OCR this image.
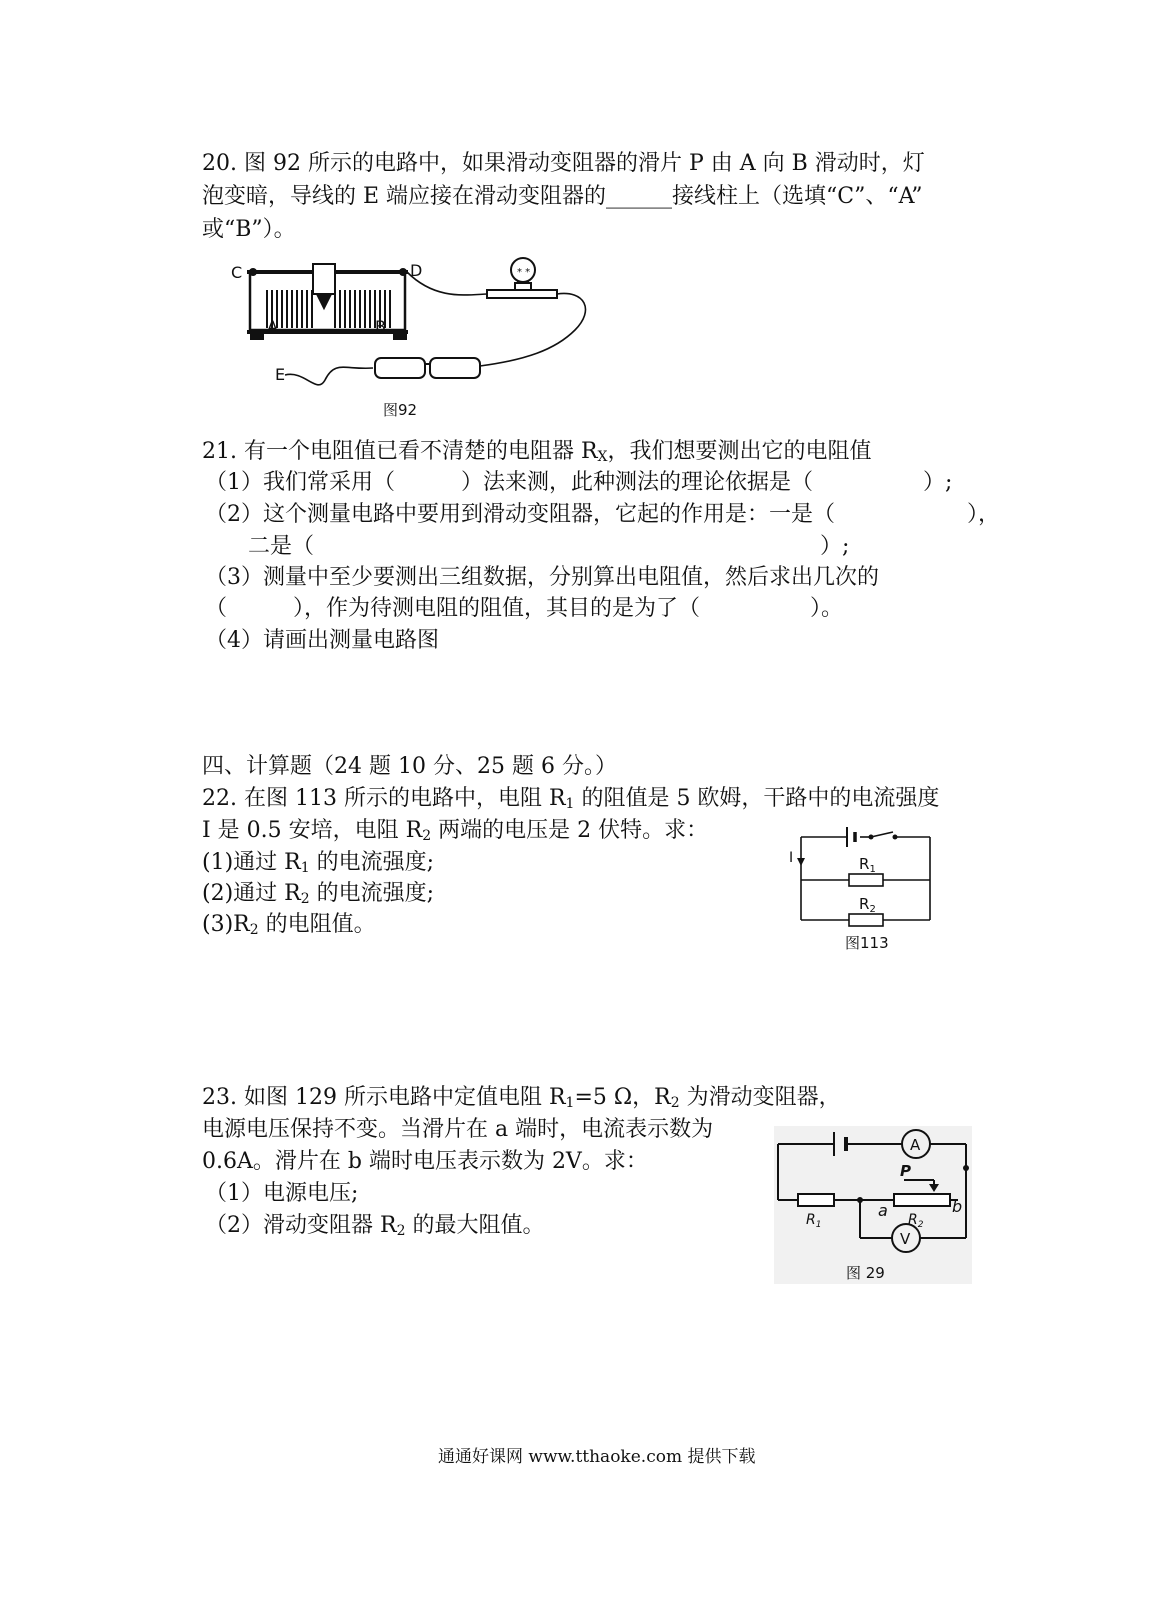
20. 图 92 所示的电路中，如果滑动变阻器的滑片 P 由 A 向 B 滑动时，灯
泡变暗，导线的 E 端应接在滑动变阻器的______接线柱上（选填“C”、“A”
或“B”）。
C	D
A	B
* *
E
图92
21. 有一个电阻值已看不清楚的电阻器 $R_X$，我们想要测出它的电阻值
（1）我们常采用（　　　）法来测，此种测法的理论依据是（　　　　　）;
（2）这个测量电路中要用到滑动变阻器，它起的作用是：一是（　　　　　　），
二是（　　　　　　　　　　　　　　　　　　　　　　　）;
（3）测量中至少要测出三组数据，分别算出电阻值，然后求出几次的
（　　　），作为待测电阻的阻值，其目的是为了（　　　　　）。
（4）请画出测量电路图
四、计算题（24 题 10 分、25 题 6 分。）
22. 在图 113 所示的电路中，电阻 $R_1$ 的阻值是 5 欧姆，干路中的电流强度
I 是 0.5 安培，电阻 $R_2$ 两端的电压是 2 伏特。求：
(1)通过 $R_1$ 的电流强度;
(2)通过 $R_2$ 的电流强度;
$(3)R_2$ 的电阻值。
I	$R_1$
$R_2$
图113
23. 如图 129 所示电路中定值电阻 $R_1=5$ Ω，$R_2$ 为滑动变阻器，
电源电压保持不变。当滑片在 a 端时，电流表示数为
0.6A。滑片在 b 端时电压表示数为 2V。求：
（1）电源电压;
（2）滑动变阻器 $R_2$ 的最大阻值。
A
V
P
a	b
$R_1$	$R_2$
图 29
通通好课网 www.tthaoke.com 提供下载
